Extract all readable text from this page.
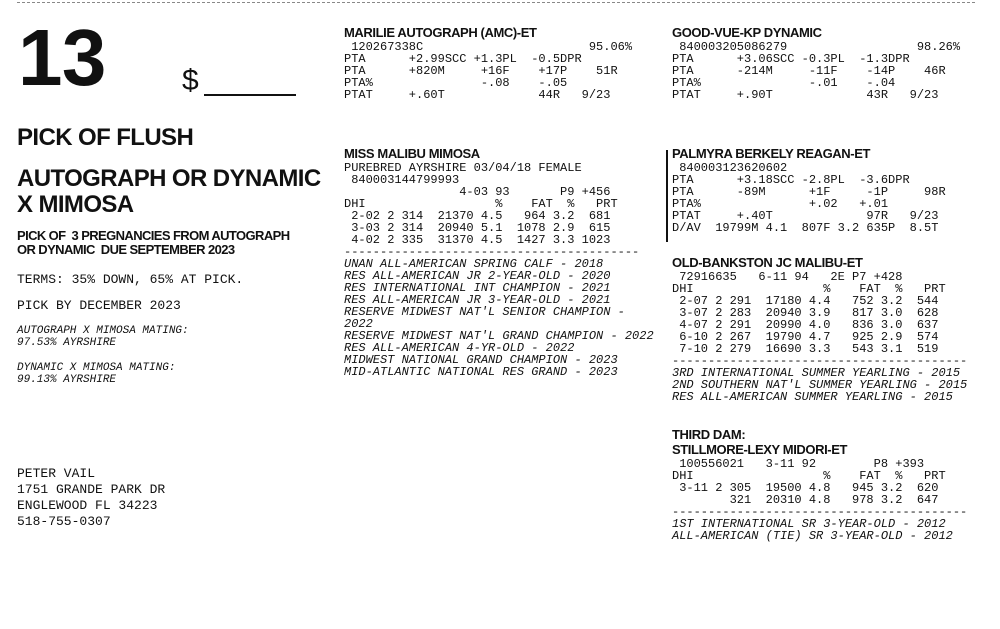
13	$
PICK OF FLUSH
AUTOGRAPH OR DYNAMIC
X MIMOSA
PICK OF  3 PREGNANCIES FROM AUTOGRAPH
OR DYNAMIC  DUE SEPTEMBER 2023
TERMS: 35% DOWN, 65% AT PICK.
PICK BY DECEMBER 2023
AUTOGRAPH X MIMOSA MATING:
97.53% AYRSHIRE
DYNAMIC X MIMOSA MATING:
99.13% AYRSHIRE
PETER VAIL
1751 GRANDE PARK DR
ENGLEWOOD FL 34223
518-755-0307
MARILIE AUTOGRAPH (AMC)-ET
120267338C                       95.06%
PTA      +2.99SCC +1.3PL  -0.5DPR
PTA      +820M     +16F    +17P    51R
PTA%               -.08    -.05
PTAT     +.60T             44R   9/23
GOOD-VUE-KP DYNAMIC
840003205086279                  98.26%
PTA      +3.06SCC -0.3PL  -1.3DPR
PTA      -214M     -11F    -14P    46R
PTA%               -.01    -.04
PTAT     +.90T             43R   9/23
MISS MALIBU MIMOSA
PUREBRED AYRSHIRE 03/04/18 FEMALE
840003144799993
4-03 93       P9 +456
DHI                  %    FAT  %   PRT
2-02 2 314  21370 4.5   964 3.2  681
3-03 2 314  20940 5.1  1078 2.9  615
4-02 2 335  31370 4.5  1427 3.3 1023
-----------------------------------------
UNAN ALL-AMERICAN SPRING CALF - 2018
RES ALL-AMERICAN JR 2-YEAR-OLD - 2020
RES INTERNATIONAL INT CHAMPION - 2021
RES ALL-AMERICAN JR 3-YEAR-OLD - 2021
RESERVE MIDWEST NAT'L SENIOR CHAMPION - 2022
RESERVE MIDWEST NAT'L GRAND CHAMPION - 2022
RES ALL-AMERICAN 4-YR-OLD - 2022
MIDWEST NATIONAL GRAND CHAMPION - 2023
MID-ATLANTIC NATIONAL RES GRAND - 2023
PALMYRA BERKELY REAGAN-ET
840003123620602
PTA      +3.18SCC -2.8PL  -3.6DPR
PTA      -89M      +1F     -1P     98R
PTA%               +.02   +.01
PTAT     +.40T             97R   9/23
D/AV  19799M 4.1  807F 3.2 635P  8.5T
OLD-BANKSTON JC MALIBU-ET
72916635   6-11 94   2E P7 +428
DHI                  %    FAT  %   PRT
2-07 2 291  17180 4.4   752 3.2  544
3-07 2 283  20940 3.9   817 3.0  628
4-07 2 291  20990 4.0   836 3.0  637
6-10 2 267  19790 4.7   925 2.9  574
7-10 2 279  16690 3.3   543 3.1  519
-----------------------------------------
3RD INTERNATIONAL SUMMER YEARLING - 2015
2ND SOUTHERN NAT'L SUMMER YEARLING - 2015
RES ALL-AMERICAN SUMMER YEARLING - 2015
THIRD DAM:
STILLMORE-LEXY MIDORI-ET
100556021   3-11 92        P8 +393
DHI                  %    FAT  %   PRT
3-11 2 305  19500 4.8   945 3.2  620
321  20310 4.8   978 3.2  647
-----------------------------------------
1ST INTERNATIONAL SR 3-YEAR-OLD - 2012
ALL-AMERICAN (TIE) SR 3-YEAR-OLD - 2012
